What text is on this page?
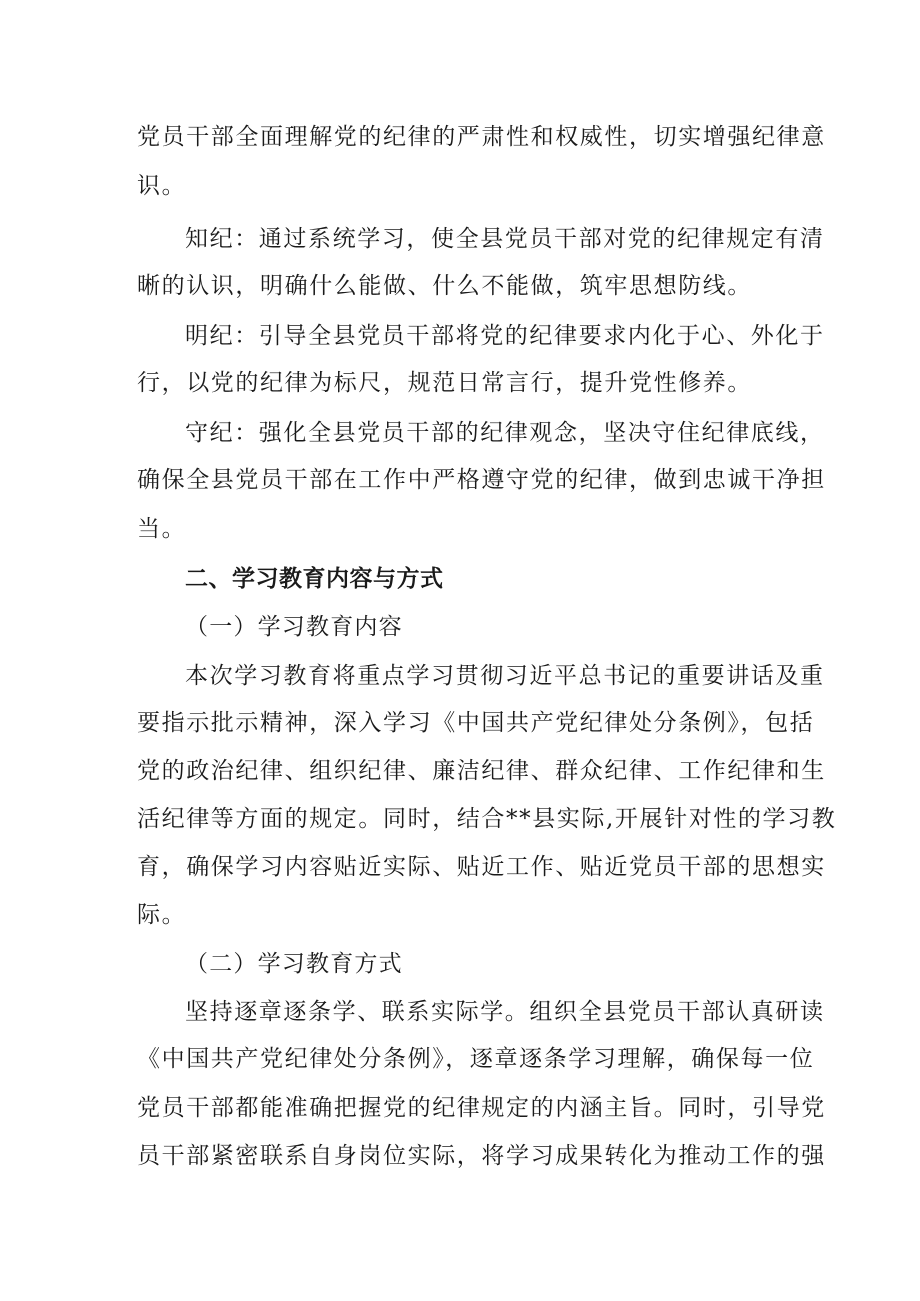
党员干部全面理解党的纪律的严肃性和权威性，切实增强纪律意
识。
知纪：通过系统学习，使全县党员干部对党的纪律规定有清
晰的认识，明确什么能做、什么不能做，筑牢思想防线。
明纪：引导全县党员干部将党的纪律要求内化于心、外化于
行，以党的纪律为标尺，规范日常言行，提升党性修养。
守纪：强化全县党员干部的纪律观念，坚决守住纪律底线，
确保全县党员干部在工作中严格遵守党的纪律，做到忠诚干净担
当。
二、学习教育内容与方式
（一）学习教育内容
本次学习教育将重点学习贯彻习近平总书记的重要讲话及重
要指示批示精神，深入学习《中国共产党纪律处分条例》，包括
党的政治纪律、组织纪律、廉洁纪律、群众纪律、工作纪律和生
活纪律等方面的规定。同时，结合**县实际,开展针对性的学习教
育，确保学习内容贴近实际、贴近工作、贴近党员干部的思想实
际。
（二）学习教育方式
坚持逐章逐条学、联系实际学。组织全县党员干部认真研读
《中国共产党纪律处分条例》，逐章逐条学习理解，确保每一位
党员干部都能准确把握党的纪律规定的内涵主旨。同时，引导党
员干部紧密联系自身岗位实际，将学习成果转化为推动工作的强
